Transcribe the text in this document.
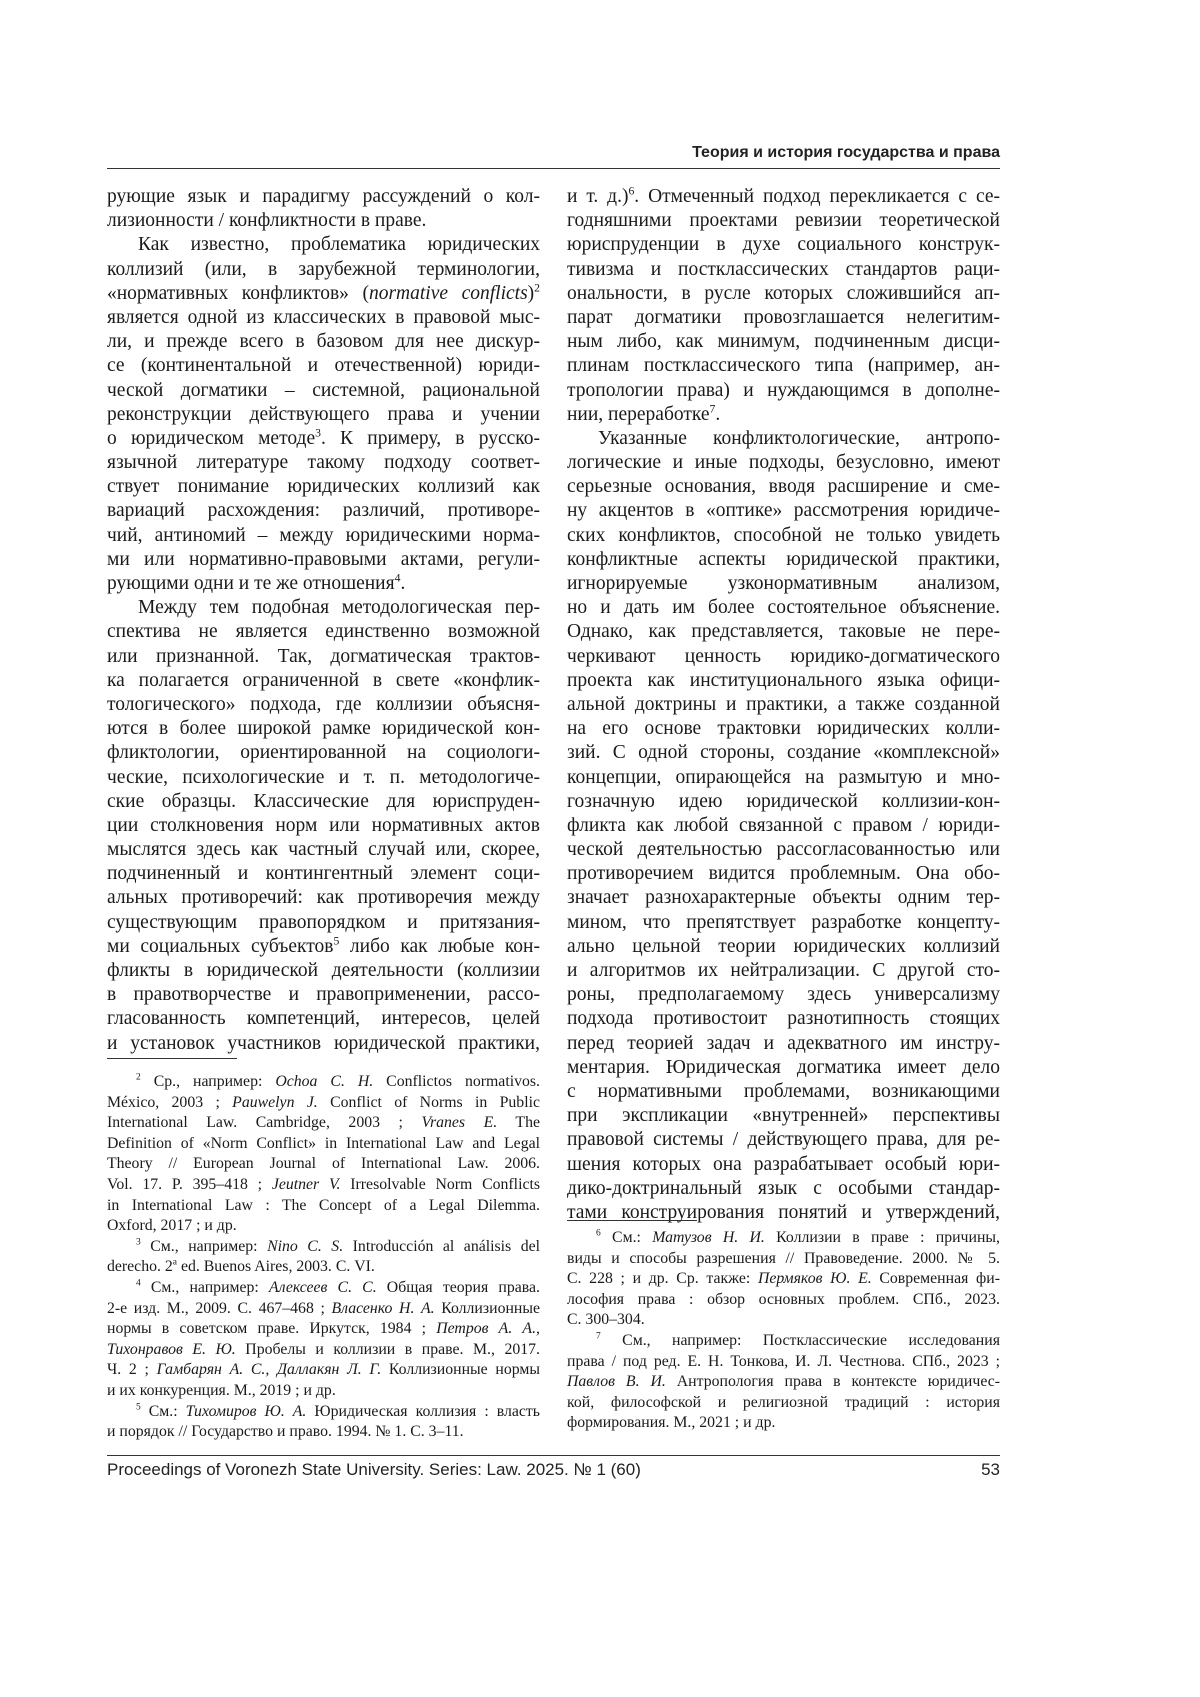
Теория и история государства и права
рующие язык и парадигму рассуждений о кол-
лизионности / конфликтности в праве.
Как известно, проблематика юридических
коллизий (или, в зарубежной терминологии,
«нормативных конфликтов» (normative conflicts)2
является одной из классических в правовой мыс-
ли, и прежде всего в базовом для нее дискур-
се (континентальной и отечественной) юриди-
ческой догматики – системной, рациональной
реконструкции действующего права и учении
о юридическом методе3. К примеру, в русско-
язычной литературе такому подходу соответ-
ствует понимание юридических коллизий как
вариаций расхождения: различий, противоре-
чий, антиномий – между юридическими норма-
ми или нормативно-правовыми актами, регули-
рующими одни и те же отношения4.
Между тем подобная методологическая пер-
спектива не является единственно возможной
или признанной. Так, догматическая трактов-
ка полагается ограниченной в свете «конфлик-
тологического» подхода, где коллизии объясня-
ются в более широкой рамке юридической кон-
фликтологии, ориентированной на социологи-
ческие, психологические и т. п. методологиче-
ские образцы. Классические для юриспруден-
ции столкновения норм или нормативных актов
мыслятся здесь как частный случай или, скорее,
подчиненный и контингентный элемент соци-
альных противоречий: как противоречия между
существующим правопорядком и притязания-
ми социальных субъектов5 либо как любые кон-
фликты в юридической деятельности (коллизии
в правотворчестве и правоприменении, рассо-
гласованность компетенций, интересов, целей
и установок участников юридической практики,
2 Ср., например: Ochoa C. H. Conflictos normativos.
México, 2003 ; Pauwelyn J. Conflict of Norms in Public
International Law. Cambridge, 2003 ; Vranes E. The
Definition of «Norm Conflict» in International Law and Legal
Theory // European Journal of International Law. 2006.
Vol. 17. P. 395–418 ; Jeutner V. Irresolvable Norm Conflicts
in International Law : The Concept of a Legal Dilemma.
Oxford, 2017 ; и др.
3 См., например: Nino C. S. Introducción al análisis del
derecho. 2a ed. Buenos Aires, 2003. С. VI.
4 См., например: Алексеев С. С. Общая теория права.
2-е изд. М., 2009. С. 467–468 ; Власенко Н. А. Коллизионные
нормы в советском праве. Иркутск, 1984 ; Петров А. А.,
Тихонравов Е. Ю. Пробелы и коллизии в праве. М., 2017.
Ч. 2 ; Гамбарян А. С., Даллакян Л. Г. Коллизионные нормы
и их конкуренция. М., 2019 ; и др.
5 См.: Тихомиров Ю. А. Юридическая коллизия : власть
и порядок // Государство и право. 1994. № 1. С. 3–11.
и т. д.)6. Отмеченный подход перекликается с се-
годняшними проектами ревизии теоретической
юриспруденции в духе социального конструк-
тивизма и постклассических стандартов раци-
ональности, в русле которых сложившийся ап-
парат догматики провозглашается нелегитим-
ным либо, как минимум, подчиненным дисци-
плинам постклассического типа (например, ан-
тропологии права) и нуждающимся в дополне-
нии, переработке7.
Указанные конфликтологические, антропо-
логические и иные подходы, безусловно, имеют
серьезные основания, вводя расширение и сме-
ну акцентов в «оптике» рассмотрения юридиче-
ских конфликтов, способной не только увидеть
конфликтные аспекты юридической практики,
игнорируемые узконормативным анализом,
но и дать им более состоятельное объяснение.
Однако, как представляется, таковые не пере-
черкивают ценность юридико-догматического
проекта как институционального языка офици-
альной доктрины и практики, а также созданной
на его основе трактовки юридических колли-
зий. С одной стороны, создание «комплексной»
концепции, опирающейся на размытую и мно-
гозначную идею юридической коллизии-кон-
фликта как любой связанной с правом / юриди-
ческой деятельностью рассогласованностью или
противоречием видится проблемным. Она обо-
значает разнохарактерные объекты одним тер-
мином, что препятствует разработке концепту-
ально цельной теории юридических коллизий
и алгоритмов их нейтрализации. С другой сто-
роны, предполагаемому здесь универсализму
подхода противостоит разнотипность стоящих
перед теорией задач и адекватного им инстру-
ментария. Юридическая догматика имеет дело
с нормативными проблемами, возникающими
при экспликации «внутренней» перспективы
правовой системы / действующего права, для ре-
шения которых она разрабатывает особый юри-
дико-доктринальный язык с особыми стандар-
тами конструирования понятий и утверждений,
6 См.: Матузов Н. И. Коллизии в праве : причины,
виды и способы разрешения // Правоведение. 2000. № 5.
С. 228 ; и др. Ср. также: Пермяков Ю. Е. Современная фи-
лософия права : обзор основных проблем. СПб., 2023.
С. 300–304.
7 См., например: Постклассические исследования
права / под ред. Е. Н. Тонкова, И. Л. Честнова. СПб., 2023 ;
Павлов В. И. Антропология права в контексте юридичес-
кой, философской и религиозной традиций : история
формирования. М., 2021 ; и др.
Proceedings of Voronezh State University. Series: Law. 2025. № 1 (60)	53
